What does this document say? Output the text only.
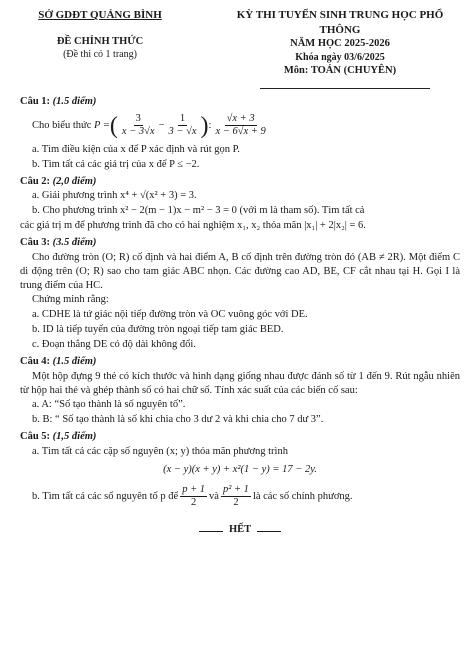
SỞ GDĐT QUẢNG BÌNH
ĐỀ CHÍNH THỨC
(Đề thi có 1 trang)
KỲ THI TUYỂN SINH TRUNG HỌC PHỔ THÔNG
NĂM HỌC 2025-2026
Khóa ngày 03/6/2025
Môn: TOÁN (CHUYÊN)
Câu 1: (1.5 điểm)
Cho biểu thức
P = ( $\frac{3}{x - 3√x} - \frac{1}{3 - √x}$ ) : $\frac{√x + 3}{x - 6√x + 9}$

a. Tìm điều kiện của x để P xác định và rút gọn P.

b. Tìm tất cả các giá trị của x để P ≤ −2.

Câu 2: (2,0 điểm)

a. Giải phương trình x⁴ + √(x² + 3) = 3.

b. Cho phương trình x² − 2(m − 1)x − m² − 3 = 0 (với m là tham số). Tìm tất cả

các giá trị m để phương trình đã cho có hai nghiệm x₁, x₂ thỏa mãn |x₁| + 2|x₂| = 6.

Câu 3: (3.5 điểm)

Cho đường tròn (O; R) cố định và hai điểm A, B cố định trên đường tròn đó (AB ≠ 2R). Một điểm C di động trên (O; R) sao cho tam giác ABC nhọn. Các đường cao AD, BE, CF cắt nhau tại H. Gọi I là trung điểm của HC.

Chứng minh rằng:

a. CDHE là tứ giác nội tiếp đường tròn và OC vuông góc với DE.

b. ID là tiếp tuyến của đường tròn ngoại tiếp tam giác BED.

c. Đoạn thẳng DE có độ dài không đổi.

Câu 4: (1.5 điểm)

Một hộp đựng 9 thẻ có kích thước và hình dạng giống nhau được đánh số từ 1 đến 9. Rút ngẫu nhiên từ hộp hai thẻ và ghép thành số có hai chữ số. Tính xác suất của các biến cố sau:

a. A: “Số tạo thành là số nguyên tố”.

b. B: “ Số tạo thành là số khi chia cho 3 dư 2 và khi chia cho 7 dư 3”.

Câu 5: (1,5 điểm)

a. Tìm tất cả các cặp số nguyên (x; y) thỏa mãn phương trình

(x − y)(x + y) + x²(1 − y) = 17 − 2y.

b. Tìm tất cả các số nguyên tố p để $\frac{p + 1}{2}$ và $\frac{\text{p² + 1}}{2}$ là các số chính phương.
HẾT
